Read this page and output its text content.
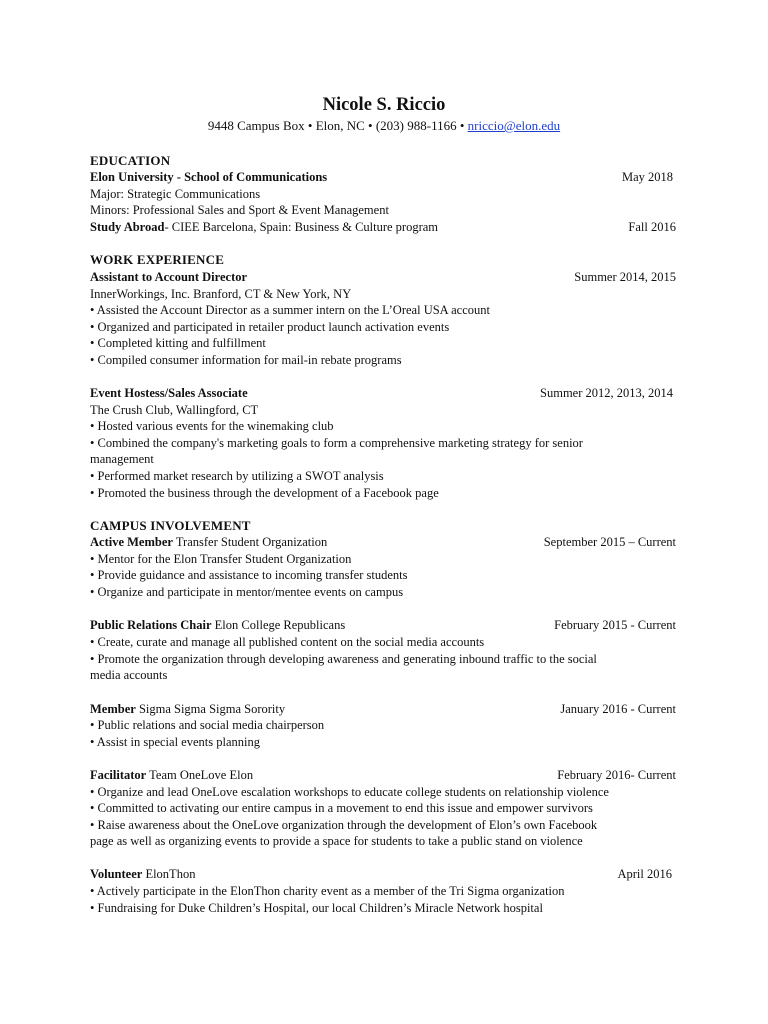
Nicole S. Riccio
9448 Campus Box • Elon, NC • (203) 988-1166 • nriccio@elon.edu
EDUCATION
Elon University - School of Communications	May 2018
Major: Strategic Communications
Minors: Professional Sales and Sport & Event Management
Study Abroad- CIEE Barcelona, Spain: Business & Culture program	Fall 2016
WORK EXPERIENCE
Assistant to Account Director	Summer 2014, 2015
InnerWorkings, Inc. Branford, CT & New York, NY
• Assisted the Account Director as a summer intern on the L’Oreal USA account
• Organized and participated in retailer product launch activation events
• Completed kitting and fulfillment
• Compiled consumer information for mail-in rebate programs
Event Hostess/Sales Associate	Summer 2012, 2013, 2014
The Crush Club, Wallingford, CT
• Hosted various events for the winemaking club
• Combined the company's marketing goals to form a comprehensive marketing strategy for senior
management
• Performed market research by utilizing a SWOT analysis
• Promoted the business through the development of a Facebook page
CAMPUS INVOLVEMENT
Active Member Transfer Student Organization	September 2015 – Current
• Mentor for the Elon Transfer Student Organization
• Provide guidance and assistance to incoming transfer students
• Organize and participate in mentor/mentee events on campus
Public Relations Chair Elon College Republicans	February 2015 - Current
• Create, curate and manage all published content on the social media accounts
• Promote the organization through developing awareness and generating inbound traffic to the social
media accounts
Member Sigma Sigma Sigma Sorority	January 2016 - Current
• Public relations and social media chairperson
• Assist in special events planning
Facilitator Team OneLove Elon	February 2016- Current
• Organize and lead OneLove escalation workshops to educate college students on relationship violence
• Committed to activating our entire campus in a movement to end this issue and empower survivors
• Raise awareness about the OneLove organization through the development of Elon’s own Facebook
page as well as organizing events to provide a space for students to take a public stand on violence
Volunteer ElonThon	April 2016
• Actively participate in the ElonThon charity event as a member of the Tri Sigma organization
• Fundraising for Duke Children’s Hospital, our local Children’s Miracle Network hospital
